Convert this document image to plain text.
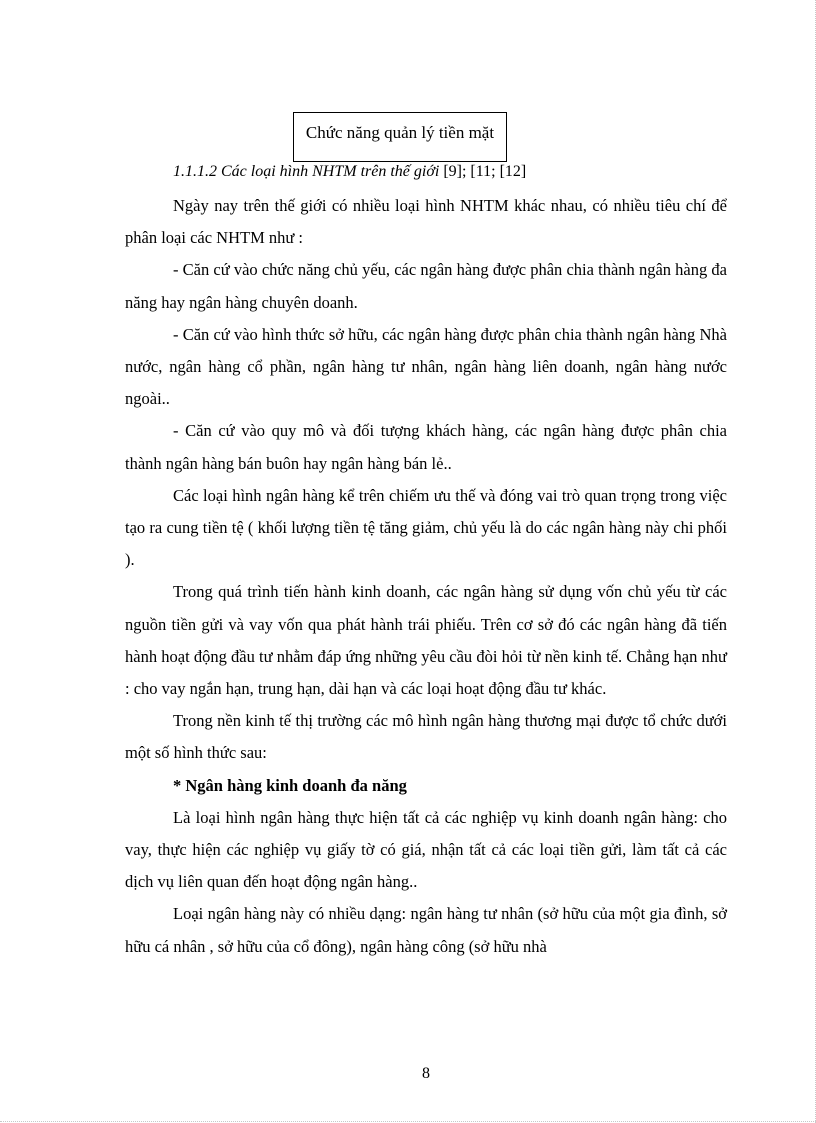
Chức năng quản lý tiền mặt
1.1.1.2 Các loại hình NHTM trên thế giới [9]; [11; [12]

Ngày nay trên thế giới có nhiều loại hình NHTM khác nhau, có nhiều tiêu chí để phân loại các NHTM như :

- Căn cứ vào chức năng chủ yếu, các ngân hàng được phân chia thành ngân hàng đa năng hay ngân hàng chuyên doanh.

- Căn cứ vào hình thức sở hữu, các ngân hàng được phân chia thành ngân hàng Nhà nước, ngân hàng cổ phần, ngân hàng tư nhân, ngân hàng liên doanh, ngân hàng nước ngoài..

- Căn cứ vào quy mô và đối tượng khách hàng, các ngân hàng được phân chia thành ngân hàng bán buôn hay ngân hàng bán lẻ..

Các loại hình ngân hàng kể trên chiếm ưu thế và đóng vai trò quan trọng trong việc tạo ra cung tiền tệ ( khối lượng tiền tệ tăng giảm, chủ yếu là do các ngân hàng này chi phối ).

Trong quá trình tiến hành kinh doanh, các ngân hàng sử dụng vốn chủ yếu từ các nguồn tiền gửi và vay vốn qua phát hành trái phiếu. Trên cơ sở đó các ngân hàng đã tiến hành hoạt động đầu tư nhằm đáp ứng những yêu cầu đòi hỏi từ nền kinh tế. Chẳng hạn như : cho vay ngắn hạn, trung hạn, dài hạn và các loại hoạt động đầu tư khác.

Trong nền kinh tế thị trường các mô hình ngân hàng thương mại được tổ chức dưới một số hình thức sau:

* Ngân hàng kinh doanh đa năng

Là loại hình ngân hàng thực hiện tất cả các nghiệp vụ kinh doanh ngân hàng: cho vay, thực hiện các nghiệp vụ giấy tờ có giá, nhận tất cả các loại tiền gửi, làm tất cả các dịch vụ liên quan đến hoạt động ngân hàng..

Loại ngân hàng này có nhiều dạng: ngân hàng tư nhân (sở hữu của một gia đình, sở hữu cá nhân , sở hữu của cổ đông), ngân hàng công (sở hữu nhà

8
